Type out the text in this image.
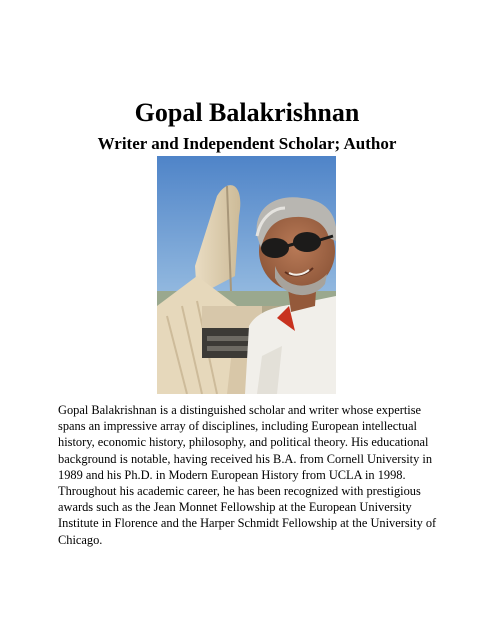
Gopal Balakrishnan
Writer and Independent Scholar; Author

Gopal Balakrishnan is a distinguished scholar and writer whose expertise
spans an impressive array of disciplines, including European intellectual
history, economic history, philosophy, and political theory. His educational
background is notable, having received his B.A. from Cornell University in
1989 and his Ph.D. in Modern European History from UCLA in 1998.
Throughout his academic career, he has been recognized with prestigious
awards such as the Jean Monnet Fellowship at the European University
Institute in Florence and the Harper Schmidt Fellowship at the University of
Chicago.
